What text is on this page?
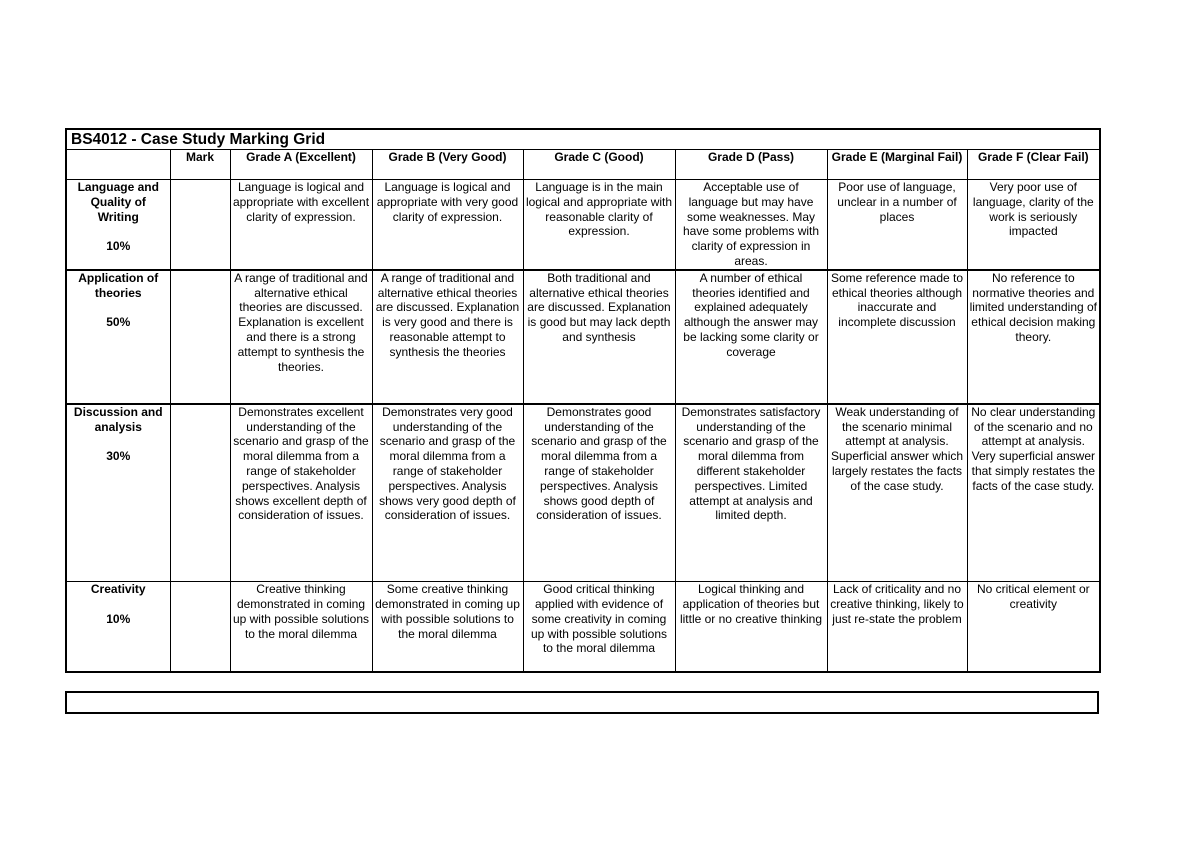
BS4012 - Case Study Marking Grid							
	Mark	Grade A (Excellent)	Grade B (Very Good)	Grade C (Good)	Grade D (Pass)	Grade E (Marginal Fail)	Grade F (Clear Fail)
Language and Quality of Writing
10%		Language is logical and appropriate with excellent clarity of expression.	Language is logical and appropriate with very good clarity of expression.	Language is in the main logical and appropriate with reasonable clarity of expression.	Acceptable use of language but may have some weaknesses. May have some problems with clarity of expression in areas.	Poor use of language, unclear in a number of places	Very poor use of language, clarity of the work is seriously impacted
Application of theories
50%		A range of traditional and alternative ethical theories are discussed. Explanation is excellent and there is a strong attempt to synthesis the theories.	A range of traditional and alternative ethical theories are discussed. Explanation is very good and there is reasonable attempt to synthesis the theories	Both traditional and alternative ethical theories are discussed. Explanation is good but may lack depth and synthesis	A number of ethical theories identified and explained adequately although the answer may be lacking some clarity or coverage	Some reference made to ethical theories although inaccurate and incomplete discussion	No reference to normative theories and limited understanding of ethical decision making theory.
Discussion and analysis
30%		Demonstrates excellent understanding of the scenario and grasp of the moral dilemma from a range of stakeholder perspectives. Analysis shows excellent depth of consideration of issues.	Demonstrates very good understanding of the scenario and grasp of the moral dilemma from a range of stakeholder perspectives. Analysis shows very good depth of consideration of issues.	Demonstrates good understanding of the scenario and grasp of the moral dilemma from a range of stakeholder perspectives. Analysis shows good depth of consideration of issues.	Demonstrates satisfactory understanding of the scenario and grasp of the moral dilemma from different stakeholder perspectives. Limited attempt at analysis and limited depth.	Weak understanding of the scenario minimal attempt at analysis. Superficial answer which largely restates the facts of the case study.	No clear understanding of the scenario and no attempt at analysis. Very superficial answer that simply restates the facts of the case study.
Creativity
10%		Creative thinking demonstrated in coming up with possible solutions to the moral dilemma	Some creative thinking demonstrated in coming up with possible solutions to the moral dilemma	Good critical thinking applied with evidence of some creativity in coming up with possible solutions to the moral dilemma	Logical thinking and application of theories but little or no creative thinking	Lack of criticality and no creative thinking, likely to just re-state the problem	No critical element or creativity
